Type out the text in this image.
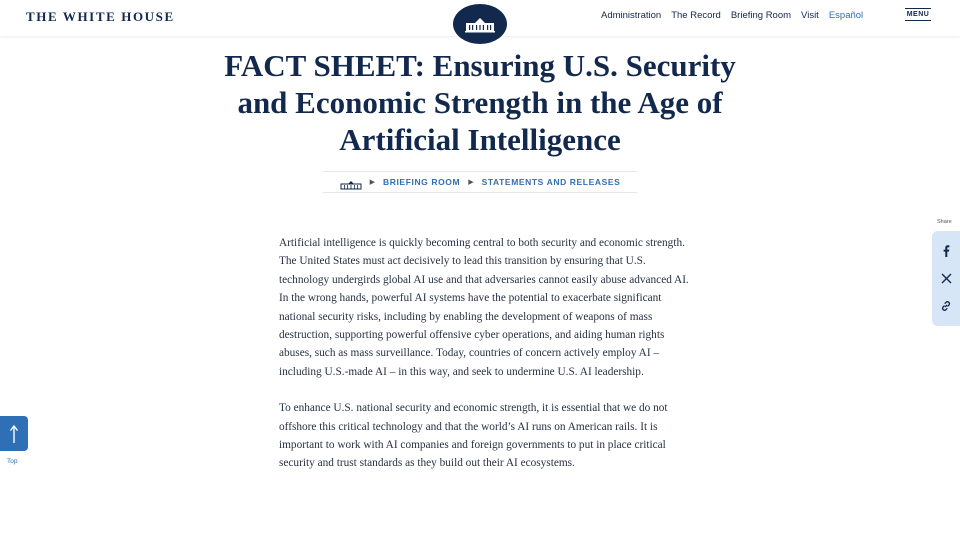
THE WHITE HOUSE	Administration The Record Briefing Room Visit Español	MENU
FACT SHEET: Ensuring U.S. Security and Economic Strength in the Age of Artificial Intelligence
▶ BRIEFING ROOM ▶ STATEMENTS AND RELEASES

Artificial intelligence is quickly becoming central to both security and economic strength. The United States must act decisively to lead this transition by ensuring that U.S. technology undergirds global AI use and that adversaries cannot easily abuse advanced AI. In the wrong hands, powerful AI systems have the potential to exacerbate significant national security risks, including by enabling the development of weapons of mass destruction, supporting powerful offensive cyber operations, and aiding human rights abuses, such as mass surveillance. Today, countries of concern actively employ AI – including U.S.-made AI – in this way, and seek to undermine U.S. AI leadership.

To enhance U.S. national security and economic strength, it is essential that we do not offshore this critical technology and that the world’s AI runs on American rails. It is important to work with AI companies and foreign governments to put in place critical security and trust standards as they build out their AI ecosystems.

Share
Top
